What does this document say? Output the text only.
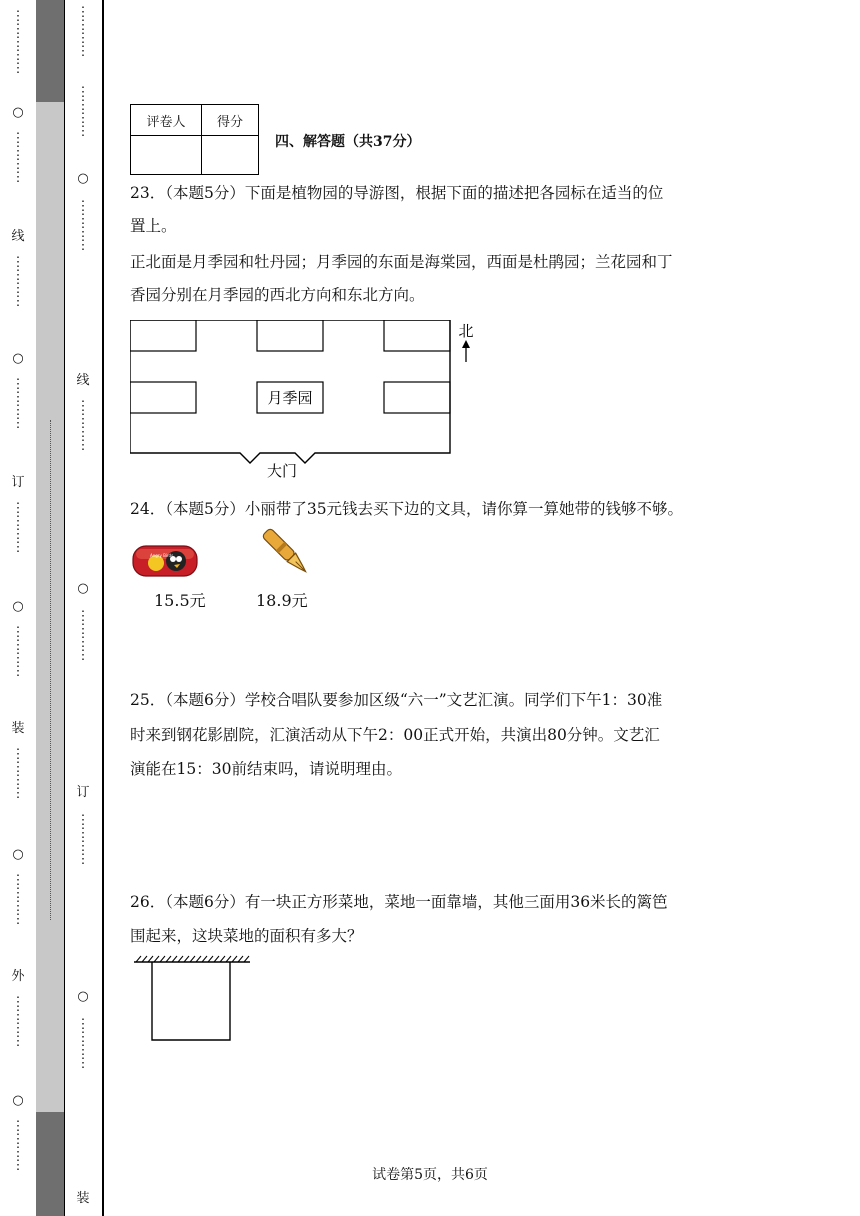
⋮
⋮
⋮
⋮
⋮
○
⋮
⋮
⋮
⋮
线
⋮
⋮
⋮
⋮
○
⋮
⋮
⋮
⋮
订
⋮
⋮
⋮
⋮
○
⋮
⋮
⋮
⋮
装
⋮
⋮
⋮
⋮
○
⋮
⋮
⋮
⋮
外
⋮
⋮
⋮
⋮
○
⋮
⋮
⋮
⋮
⋮
⋮
⋮
⋮
⋮
⋮
⋮
⋮
○
⋮
⋮
⋮
⋮
线
⋮
⋮
⋮
⋮
○
⋮
⋮
⋮
⋮
订
⋮
⋮
⋮
⋮
○
⋮
⋮
⋮
⋮
装
评卷人	得分

四、解答题（共37分）

23．（本题5分）下面是植物园的导游图，根据下面的描述把各园标在适当的位

置上。

正北面是月季园和牡丹园；月季园的东面是海棠园，西面是杜鹃园；兰花园和丁

香园分别在月季园的西北方向和东北方向。

月季园
北
大门

24．（本题5分）小丽带了35元钱去买下边的文具，请你算一算她带的钱够不够。

Angry Birds
15.5元	18.9元

25．（本题6分）学校合唱队要参加区级“六一”文艺汇演。同学们下午1：30准

时来到钢花影剧院，汇演活动从下午2：00正式开始，共演出80分钟。文艺汇

演能在15：30前结束吗，请说明理由。

26．（本题6分）有一块正方形菜地，菜地一面靠墙，其他三面用36米长的篱笆

围起来，这块菜地的面积有多大？

试卷第5页，共6页
